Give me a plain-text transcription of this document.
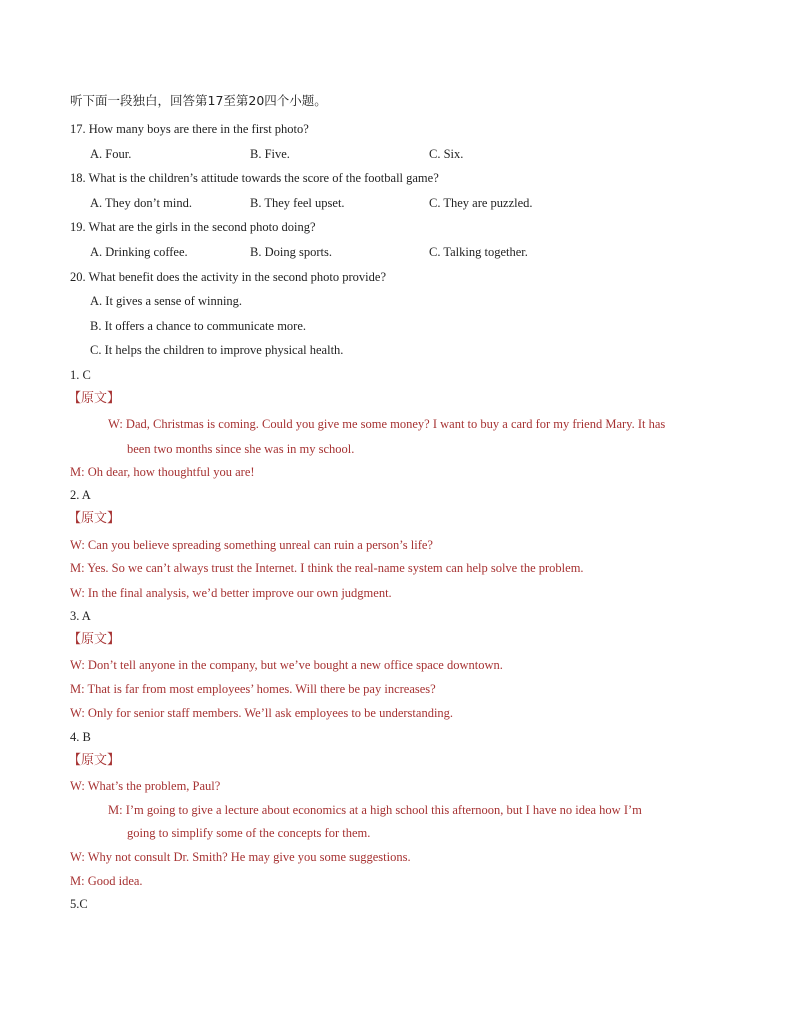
听下面一段独白，回答第17至第20四个小题。
17. How many boys are there in the first photo?
A. Four.	B. Five.	C. Six.
18. What is the children’s attitude towards the score of the football game?
A. They don’t mind.	B. They feel upset.	C. They are puzzled.
19. What are the girls in the second photo doing?
A. Drinking coffee.	B. Doing sports.	C. Talking together.
20. What benefit does the activity in the second photo provide?
A. It gives a sense of winning.
B. It offers a chance to communicate more.
C. It helps the children to improve physical health.
1. C
【原文】
W: Dad, Christmas is coming. Could you give me some money? I want to buy a card for my friend Mary. It has
been two months since she was in my school.
M: Oh dear, how thoughtful you are!
2. A
【原文】
W: Can you believe spreading something unreal can ruin a person’s life?
M: Yes. So we can’t always trust the Internet. I think the real-name system can help solve the problem.
W: In the final analysis, we’d better improve our own judgment.
3. A
【原文】
W: Don’t tell anyone in the company, but we’ve bought a new office space downtown.
M: That is far from most employees’ homes. Will there be pay increases?
W: Only for senior staff members. We’ll ask employees to be understanding.
4. B
【原文】
W: What’s the problem, Paul?
M: I’m going to give a lecture about economics at a high school this afternoon, but I have no idea how I’m
going to simplify some of the concepts for them.
W: Why not consult Dr. Smith? He may give you some suggestions.
M: Good idea.
5.C
